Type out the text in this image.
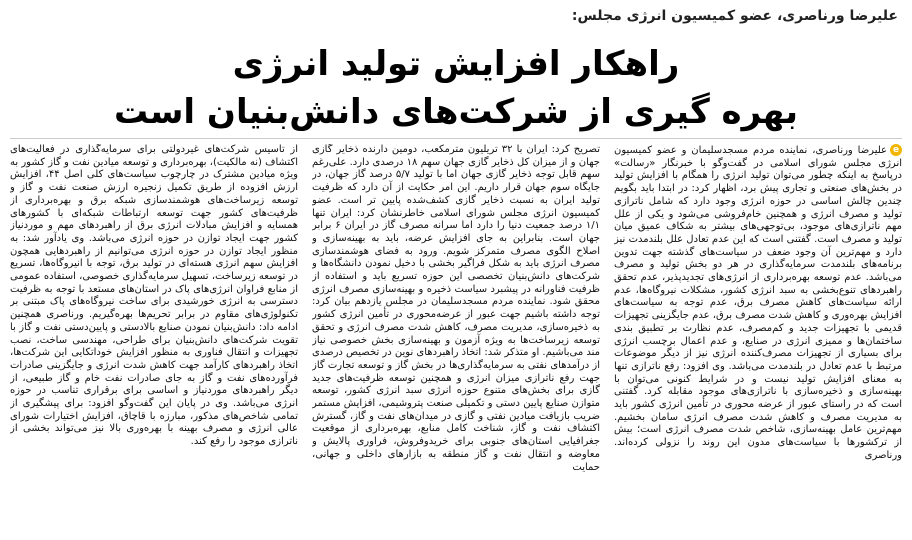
علیرضا ورناصری، عضو کمیسیون انرژی مجلس:
راهکار افزایش تولید انرژی
بهره گیری از شرکت‌های دانش‌بنیان است
eعلیرضا ورناصری، نماینده مردم مسجدسلیمان و عضو کمیسیون انرژی مجلس شورای اسلامی در گفت‌وگو با خبرنگار «رسالت» درپاسخ به اینکه چطور می‌توان تولید انرژی را همگام با افزایش تولید در بخش‌های صنعتی و تجاری پیش برد، اظهار کرد: در ابتدا باید بگویم چندین چالش اساسی در حوزه انرژی وجود دارد که شامل ناترازی تولید و مصرف انرژی و همچنین خام‌فروشی می‌شود و یکی از علل مهم ناترازی‌های موجود، بی‌توجهی‌های بیشتر به شکاف عمیق میان تولید و مصرف است. گفتنی است که این عدم تعادل علل بلندمدت نیز دارد و مهم‌ترین آن وجود ضعف در سیاست‌های گذشته جهت تدوین برنامه‌های بلندمدت سرمایه‌گذاری در هر دو بخش تولید و مصرف می‌باشد. عدم توسعه بهره‌برداری از انرژی‌های تجدیدپذیر، عدم تحقق راهبردهای تنوع‌بخشی به سبد انرژی کشور، مشکلات نیروگاه‌ها، عدم ارائه سیاست‌های کاهش مصرف برق، عدم توجه به سیاست‌های افزایش بهره‌وری و کاهش شدت مصرف برق، عدم جایگزینی تجهیزات قدیمی با تجهیزات جدید و کم‌مصرف، عدم نظارت بر تطبیق بندی ساختمان‌ها و ممیزی انرژی در صنایع، و عدم اعمال برچسب انرژی برای بسیاری از تجهیزات مصرف‌کننده انرژی نیز از دیگر موضوعات مرتبط با عدم تعادل در بلندمدت می‌باشد. وی افزود: رفع ناترازی تنها به معنای افزایش تولید نیست و در شرایط کنونی می‌توان با بهینه‌سازی و ذخیره‌سازی با ناترازی‌های موجود مقابله کرد. گفتنی است که در راستای عبور از عرضه محوری در تأمین انرژی کشور باید به مدیریت مصرف و کاهش شدت مصرف انرژی سامان بخشیم. مهم‌ترین عامل بهینه‌سازی، شاخص شدت مصرف انرژی است؛ بیش از ترکشورها با سیاست‌های مدون این روند را نزولی کرده‌اند. ورناصری
تصریح کرد: ایران با ۳۲ تریلیون مترمکعب، دومین دارنده ذخایر گازی جهان و از میزان کل ذخایر گازی جهان سهم ۱۸ درصدی دارد. علی‌رغم سهم قابل توجه ذخایر گازی جهان اما با تولید ۵/۷ درصد گاز جهان، در جایگاه سوم جهان قرار داریم. این امر حکایت از آن دارد که ظرفیت تولید ایران به نسبت ذخایر گازی کشف‌شده پایین تر است. عضو کمیسیون انرژی مجلس شورای اسلامی خاطرنشان کرد: ایران تنها ۱/۱ درصد جمعیت دنیا را دارد اما سرانه مصرف گاز در ایران ۶ برابر جهان است. بنابراین به جای افزایش عرضه، باید به بهینه‌سازی و اصلاح الگوی مصرف متمرکز شویم. ورود به فضای هوشمندسازی مصرف انرژی باید به شکل فراگیر بخشی با دخیل نمودن دانشگاه‌ها و شرکت‌های دانش‌بنیان تخصصی این حوزه تسریع باید و استفاده از ظرفیت فناورانه در پیشبرد سیاست ذخیره و بهینه‌سازی مصرف انرژی محقق شود. نماینده مردم مسجدسلیمان در مجلس یازدهم بیان کرد: توجه داشته باشیم جهت عبور از عرضه‌محوری در تأمین انرژی کشور به ذخیره‌سازی، مدیریت مصرف، کاهش شدت مصرف انرژی و تحقق توسعه زیرساخت‌ها به ویژه آزمون و بهینه‌سازی بخش خصوصی نیاز مند می‌باشیم. او متذکر شد: اتخاذ راهبردهای نوین در تخصیص درصدی از درآمدهای نفتی به سرمایه‌گذاری‌ها در بخش گاز و توسعه تجارت گاز جهت رفع ناترازی میزان انرژی و همچنین توسعه ظرفیت‌های جدید گازی برای بخش‌های متنوع حوزه انرژی سبد انرژی کشور، توسعه متوازن صنایع پایین دستی و تکمیلی صنعت پتروشیمی، افزایش مستمر ضریب بازیافت میادین نفتی و گازی در میدان‌های نفت و گاز، گسترش اکتشاف نفت و گاز، شناخت کامل منابع، بهره‌برداری از موقعیت جغرافیایی استان‌های جنوبی برای خریدوفروش، فراوری پالایش و معاوضه و انتقال نفت و گاز منطقه به بازارهای داخلی و جهانی، حمایت
از تأسیس شرکت‌های غیردولتی برای سرمایه‌گذاری در فعالیت‌های اکتشاف (نه مالکیت)، بهره‌برداری و توسعه میادین نفت و گاز کشور به ویژه میادین مشترک در چارچوب سیاست‌های کلی اصل ۴۴، افزایش ارزش افزوده از طریق تکمیل زنجیره ارزش صنعت نفت و گاز و توسعه زیرساخت‌های هوشمندسازی شبکه برق و بهره‌برداری از ظرفیت‌های کشور جهت توسعه ارتباطات شبکه‌ای با کشورهای همسایه و افزایش مبادلات انرژی برق از راهبردهای مهم و موردنیاز کشور جهت ایجاد توازن در حوزه انرژی می‌باشد. وی یادآور شد: به منظور ایجاد توازن در حوزه انرژی می‌توانیم از راهبردهایی همچون افزایش سهم انرژی هسته‌ای در تولید برق، توجه با انیروگاه‌ها، تسریع در توسعه زیرساخت، تسهیل سرمایه‌گذاری خصوصی، استفاده عمومی از منابع فراوان انرژی‌های پاک در استان‌های مستعد با توجه به ظرفیت دسترسی به انرژی خورشیدی برای ساخت نیروگاه‌های پاک مبتنی بر تکنولوژی‌های مقاوم در برابر تحریم‌ها بهره‌گیریم. ورناصری همچنین ادامه داد: دانش‌بنیان نمودن صنایع بالادستی و پایین‌دستی نفت و گاز با تقویت شرکت‌های دانش‌بنیان برای طراحی، مهندسی ساخت، نصب تجهیزات و انتقال فناوری به منظور افزایش خوداتکایی این شرکت‌ها، اتخاذ راهبردهای کارآمد جهت کاهش شدت انرژی و جایگزینی صادرات فرآورده‌های نفت و گاز به جای صادرات نفت خام و گاز طبیعی، از دیگر راهبردهای موردنیاز و اساسی برای برقراری تناسب در حوزه انرژی می‌باشد. وی در پایان این گفت‌وگو افزود: برای پیشگیری از تمامی شاخص‌های مذکور، مبارزه با قاچاق، افزایش اختیارات شورای عالی انرژی و مصرف بهینه با بهره‌وری بالا نیز می‌تواند بخشی از ناترازی موجود را رفع کند.
